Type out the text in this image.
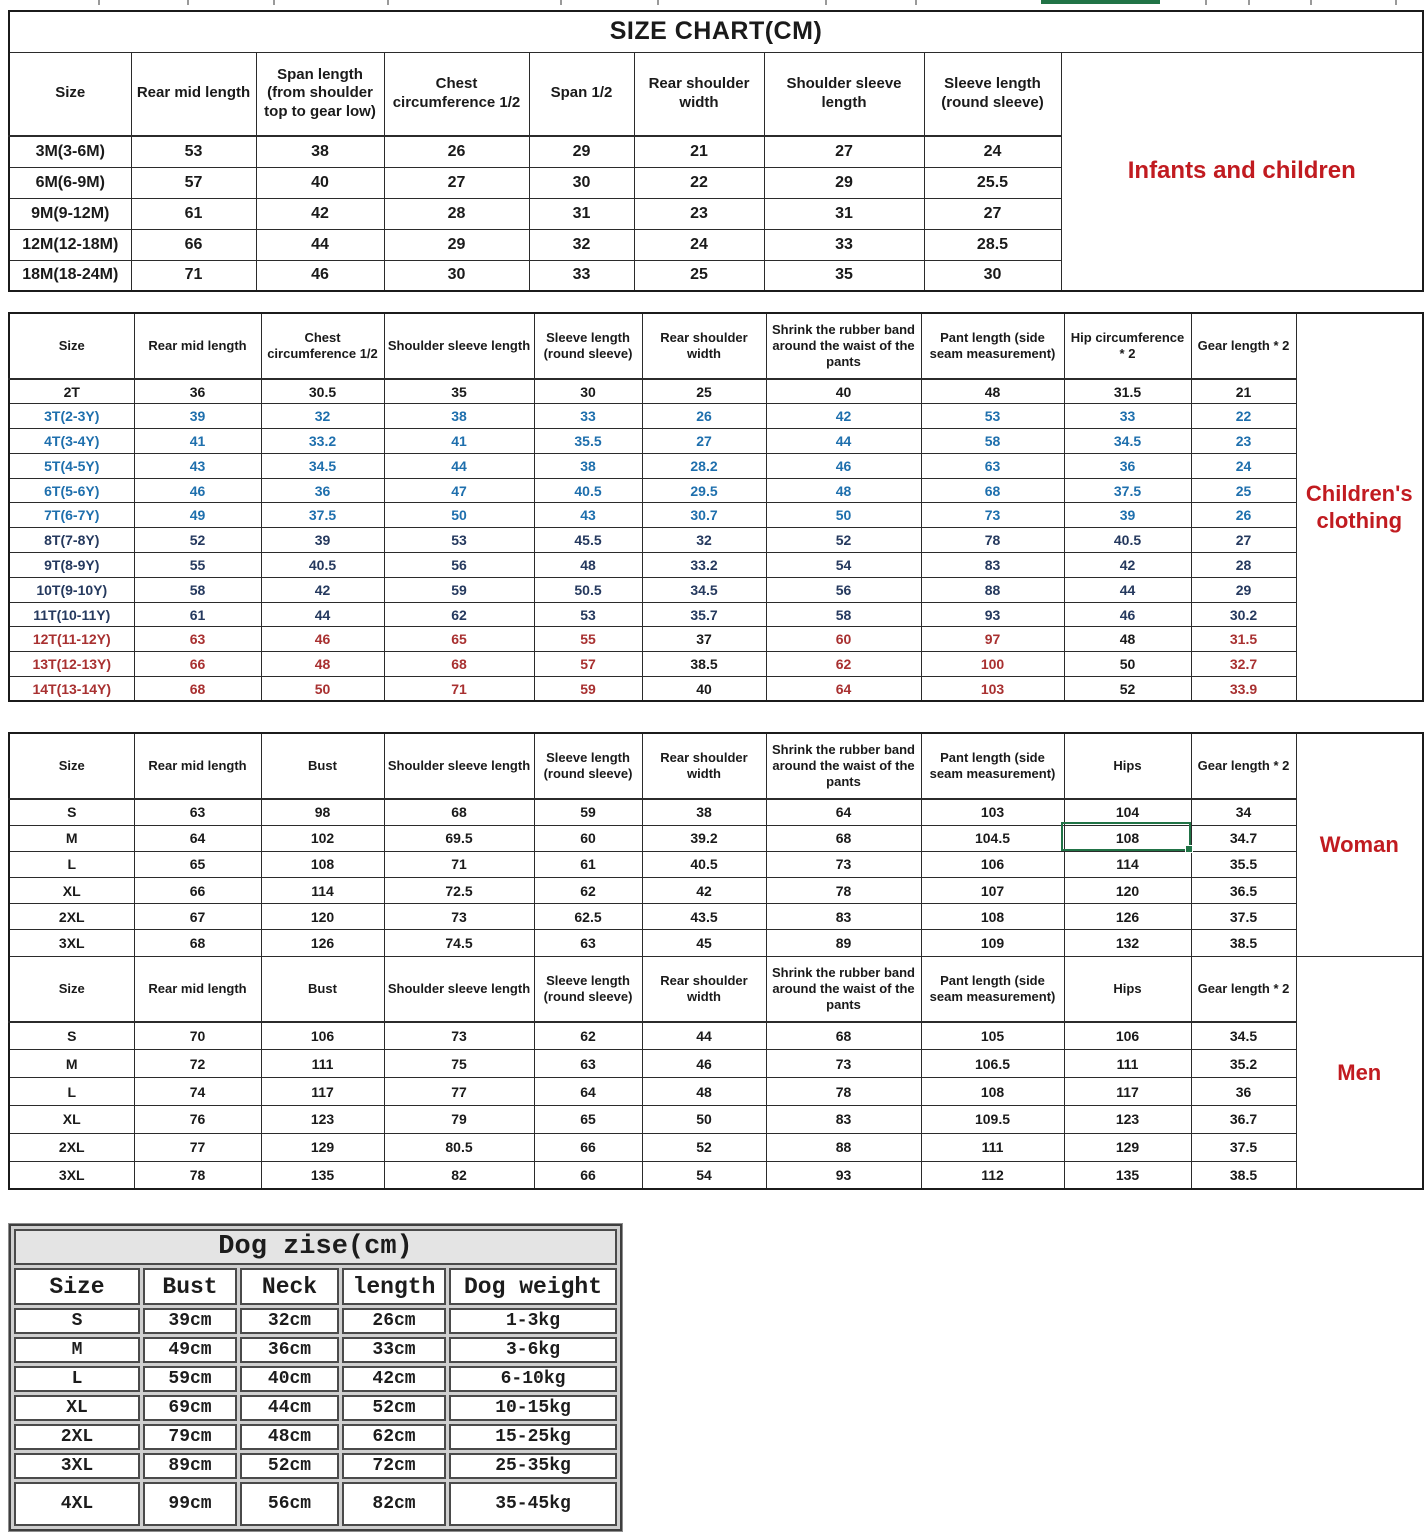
SIZE CHART(CM)								
Size	Rear mid length	Span length (from shoulder top to gear low)	Chest circumference 1/2	Span 1/2	Rear shoulder width	Shoulder sleeve length	Sleeve length (round sleeve)	Infants and children
3M(3-6M)	53	38	26	29	21	27	24	
6M(6-9M)	57	40	27	30	22	29	25.5	
9M(9-12M)	61	42	28	31	23	31	27	
12M(12-18M)	66	44	29	32	24	33	28.5	
18M(18-24M)	71	46	30	33	25	35	30	
Size	Rear mid length	Chest circumference 1/2	Shoulder sleeve length	Sleeve length (round sleeve)	Rear shoulder width	Shrink the rubber band around the waist of the pants	Pant length (side seam measurement)	Hip circumference * 2	Gear length * 2	Children's clothing
2T	36	30.5	35	30	25	40	48	31.5	21	
3T(2-3Y)	39	32	38	33	26	42	53	33	22	
4T(3-4Y)	41	33.2	41	35.5	27	44	58	34.5	23	
5T(4-5Y)	43	34.5	44	38	28.2	46	63	36	24	
6T(5-6Y)	46	36	47	40.5	29.5	48	68	37.5	25	
7T(6-7Y)	49	37.5	50	43	30.7	50	73	39	26	
8T(7-8Y)	52	39	53	45.5	32	52	78	40.5	27	
9T(8-9Y)	55	40.5	56	48	33.2	54	83	42	28	
10T(9-10Y)	58	42	59	50.5	34.5	56	88	44	29	
11T(10-11Y)	61	44	62	53	35.7	58	93	46	30.2	
12T(11-12Y)	63	46	65	55	37	60	97	48	31.5	
13T(12-13Y)	66	48	68	57	38.5	62	100	50	32.7	
14T(13-14Y)	68	50	71	59	40	64	103	52	33.9	
Size	Rear mid length	Bust	Shoulder sleeve length	Sleeve length (round sleeve)	Rear shoulder width	Shrink the rubber band around the waist of the pants	Pant length (side seam measurement)	Hips	Gear length * 2	Woman
S	63	98	68	59	38	64	103	104	34	
M	64	102	69.5	60	39.2	68	104.5	108	34.7	
L	65	108	71	61	40.5	73	106	114	35.5	
XL	66	114	72.5	62	42	78	107	120	36.5	
2XL	67	120	73	62.5	43.5	83	108	126	37.5	
3XL	68	126	74.5	63	45	89	109	132	38.5	
Size	Rear mid length	Bust	Shoulder sleeve length	Sleeve length (round sleeve)	Rear shoulder width	Shrink the rubber band around the waist of the pants	Pant length (side seam measurement)	Hips	Gear length * 2	Men
S	70	106	73	62	44	68	105	106	34.5	
M	72	111	75	63	46	73	106.5	111	35.2	
L	74	117	77	64	48	78	108	117	36	
XL	76	123	79	65	50	83	109.5	123	36.7	
2XL	77	129	80.5	66	52	88	111	129	37.5	
3XL	78	135	82	66	54	93	112	135	38.5	
Dog zise(cm)				
Size	Bust	Neck	length	Dog weight
S	39cm	32cm	26cm	1-3kg
M	49cm	36cm	33cm	3-6kg
L	59cm	40cm	42cm	6-10kg
XL	69cm	44cm	52cm	10-15kg
2XL	79cm	48cm	62cm	15-25kg
3XL	89cm	52cm	72cm	25-35kg
4XL	99cm	56cm	82cm	35-45kg
